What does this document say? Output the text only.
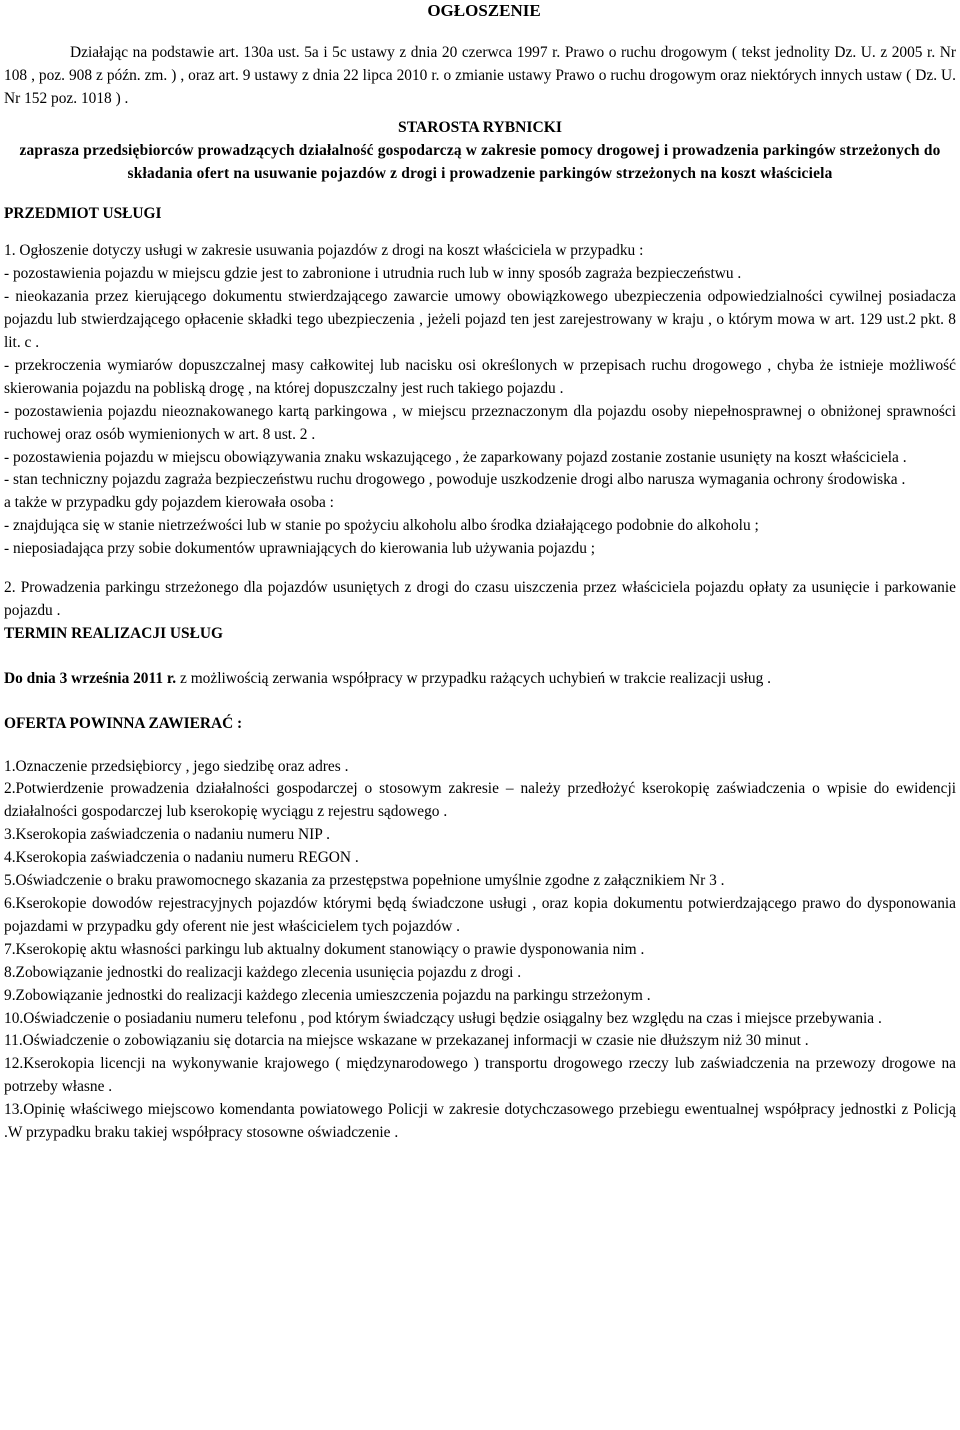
OGŁOSZENIE

Działając na podstawie art. 130a ust. 5a i 5c ustawy z dnia 20 czerwca 1997 r. Prawo o ruchu drogowym ( tekst jednolity Dz. U. z 2005 r. Nr 108 , poz. 908 z późn. zm. ) , oraz art. 9 ustawy z dnia 22 lipca 2010 r. o zmianie ustawy Prawo o ruchu drogowym oraz niektórych innych ustaw ( Dz. U. Nr 152 poz. 1018 ) .

STAROSTA RYBNICKI
zaprasza przedsiębiorców prowadzących działalność gospodarczą w zakresie pomocy drogowej i prowadzenia parkingów strzeżonych do składania ofert na usuwanie pojazdów z drogi i prowadzenie parkingów strzeżonych na koszt właściciela
PRZEDMIOT USŁUGI

1. Ogłoszenie dotyczy usługi w zakresie usuwania pojazdów z drogi na koszt właściciela w przypadku :

- pozostawienia pojazdu w miejscu gdzie jest to zabronione i utrudnia ruch lub w inny sposób zagraża bezpieczeństwu .

- nieokazania przez kierującego dokumentu stwierdzającego zawarcie umowy obowiązkowego ubezpieczenia odpowiedzialności cywilnej posiadacza pojazdu lub stwierdzającego opłacenie składki tego ubezpieczenia , jeżeli pojazd ten jest zarejestrowany w kraju , o którym mowa w art. 129 ust.2 pkt. 8 lit. c .

- przekroczenia wymiarów dopuszczalnej masy całkowitej lub nacisku osi określonych w przepisach ruchu drogowego , chyba że istnieje możliwość skierowania pojazdu na pobliską drogę , na której dopuszczalny jest ruch takiego pojazdu .

- pozostawienia pojazdu nieoznakowanego kartą parkingowa , w miejscu przeznaczonym dla pojazdu osoby niepełnosprawnej o obniżonej sprawności ruchowej oraz osób wymienionych w art. 8 ust. 2 .

- pozostawienia pojazdu w miejscu obowiązywania znaku wskazującego , że zaparkowany pojazd zostanie zostanie usunięty na koszt właściciela .

- stan techniczny pojazdu zagraża bezpieczeństwu ruchu drogowego , powoduje uszkodzenie drogi albo narusza wymagania ochrony środowiska .

a także w przypadku gdy pojazdem kierowała osoba :

- znajdująca się w stanie nietrzeźwości lub w stanie po spożyciu alkoholu albo środka działającego podobnie do alkoholu ;

- nieposiadająca przy sobie dokumentów uprawniających do kierowania lub używania pojazdu ;

2. Prowadzenia parkingu strzeżonego dla pojazdów usuniętych z drogi do czasu uiszczenia przez właściciela pojazdu opłaty za usunięcie i parkowanie pojazdu .

TERMIN REALIZACJI USŁUG

Do dnia 3 września 2011 r. z możliwością zerwania współpracy w przypadku rażących uchybień w trakcie realizacji usług .

OFERTA POWINNA ZAWIERAĆ :

1.Oznaczenie przedsiębiorcy , jego siedzibę oraz adres .

2.Potwierdzenie prowadzenia działalności gospodarczej o stosowym zakresie – należy przedłożyć kserokopię zaświadczenia o wpisie do ewidencji działalności gospodarczej lub kserokopię wyciągu z rejestru sądowego .

3.Kserokopia zaświadczenia o nadaniu numeru NIP .

4.Kserokopia zaświadczenia o nadaniu numeru REGON .

5.Oświadczenie o braku prawomocnego skazania za przestępstwa popełnione umyślnie zgodne z załącznikiem Nr 3 .

6.Kserokopie dowodów rejestracyjnych pojazdów którymi będą świadczone usługi , oraz kopia dokumentu potwierdzającego prawo do dysponowania pojazdami w przypadku gdy oferent nie jest właścicielem tych pojazdów .

7.Kserokopię aktu własności parkingu lub aktualny dokument stanowiący o prawie dysponowania nim .

8.Zobowiązanie jednostki do realizacji każdego zlecenia usunięcia pojazdu z drogi .

9.Zobowiązanie jednostki do realizacji każdego zlecenia umieszczenia pojazdu na parkingu strzeżonym .

10.Oświadczenie o posiadaniu numeru telefonu , pod którym świadczący usługi będzie osiągalny bez względu na czas i miejsce przebywania .

11.Oświadczenie o zobowiązaniu się dotarcia na miejsce wskazane w przekazanej informacji w czasie nie dłuższym niż 30 minut .

12.Kserokopia licencji na wykonywanie krajowego ( międzynarodowego ) transportu drogowego rzeczy lub zaświadczenia na przewozy drogowe na potrzeby własne .

13.Opinię właściwego miejscowo komendanta powiatowego Policji w zakresie dotychczasowego przebiegu ewentualnej współpracy jednostki z Policją .W przypadku braku takiej współpracy stosowne oświadczenie .
